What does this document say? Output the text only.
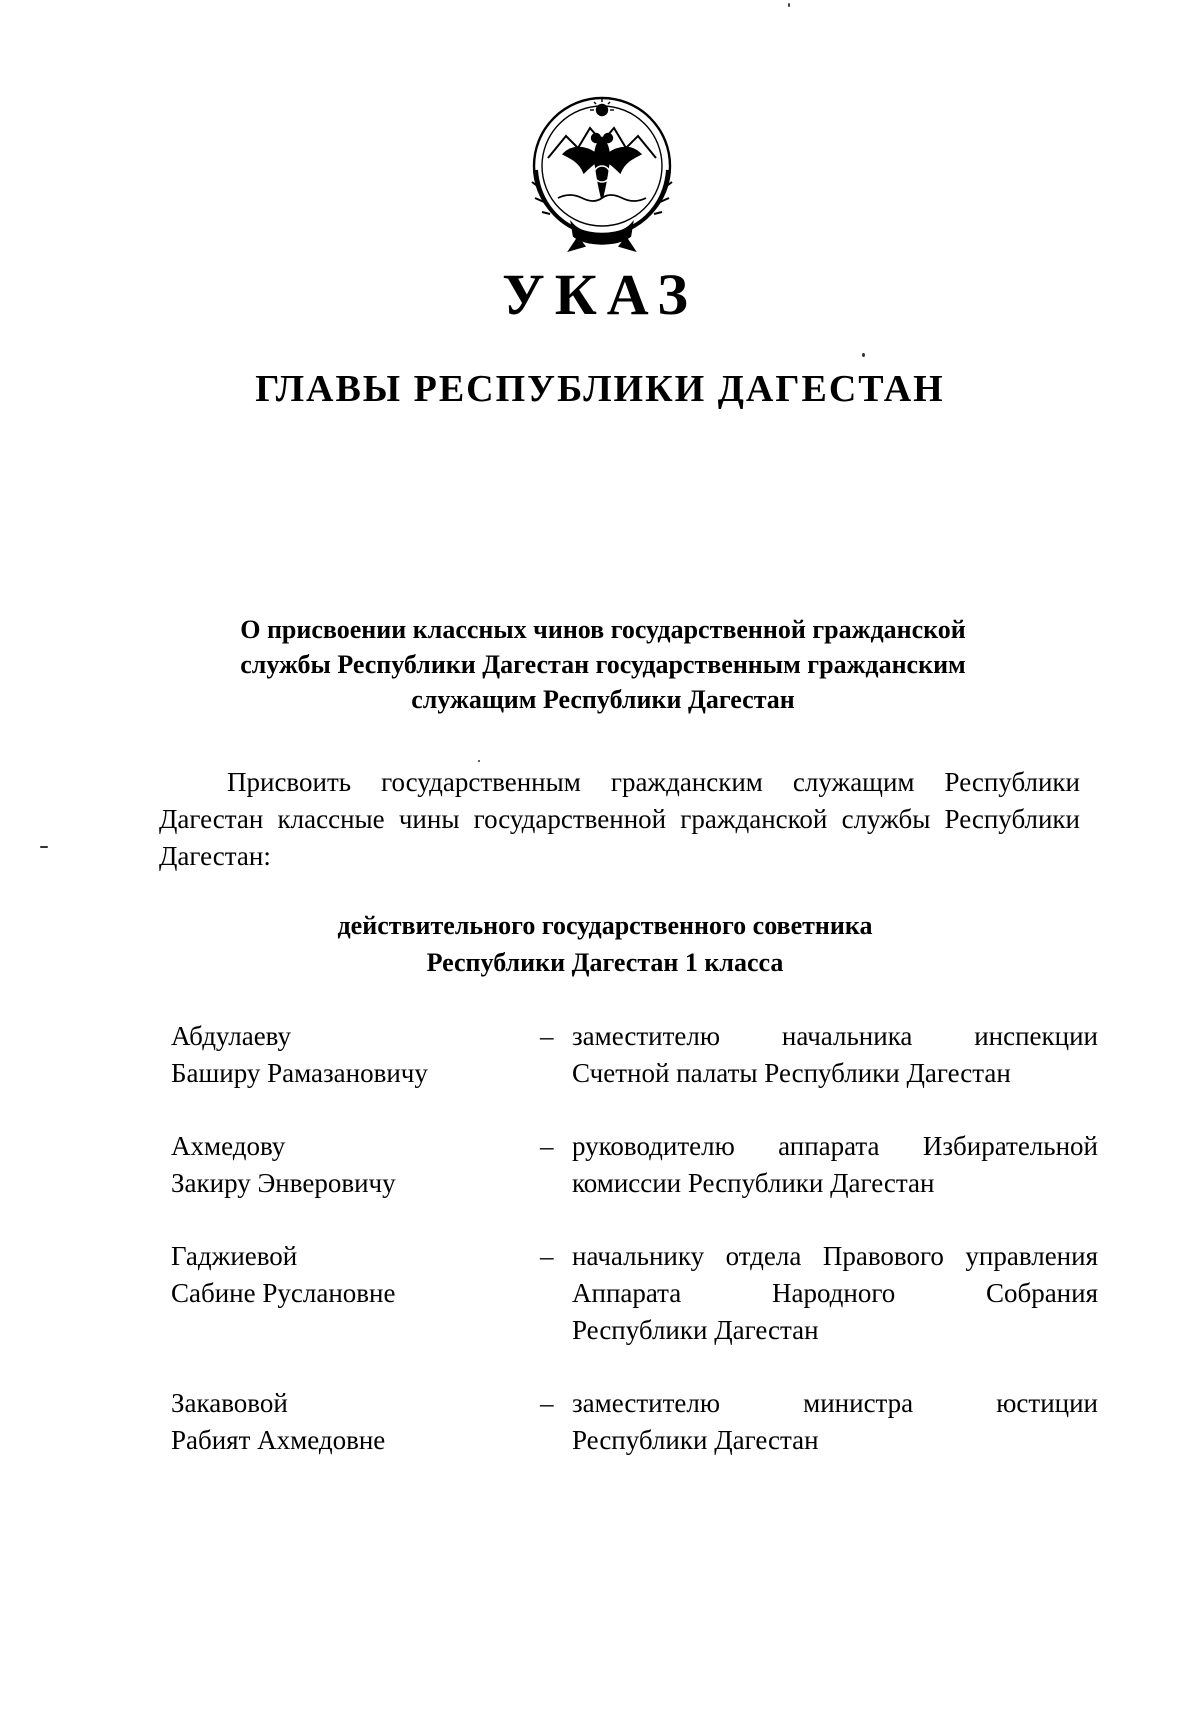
УКАЗ
ГЛАВЫ РЕСПУБЛИКИ ДАГЕСТАН
О присвоении классных чинов государственной гражданской
службы Республики Дагестан государственным гражданским
служащим Республики Дагестан

Присвоить государственным гражданским служащим Республики Дагестан классные чины государственной гражданской службы Республики Дагестан:

действительного государственного советника
Республики Дагестан 1 класса
Абдулаеву
Баширу Рамазановичу
– заместителю начальника инспекции
Счетной палаты Республики Дагестан
Ахмедову
Закиру Энверовичу
– руководителю аппарата Избирательной
комиссии Республики Дагестан
Гаджиевой
Сабине Руслановне
– начальнику отдела Правового управления
Аппарата Народного Собрания
Республики Дагестан
Закавовой
Рабият Ахмедовне
– заместителю министра юстиции
Республики Дагестан
